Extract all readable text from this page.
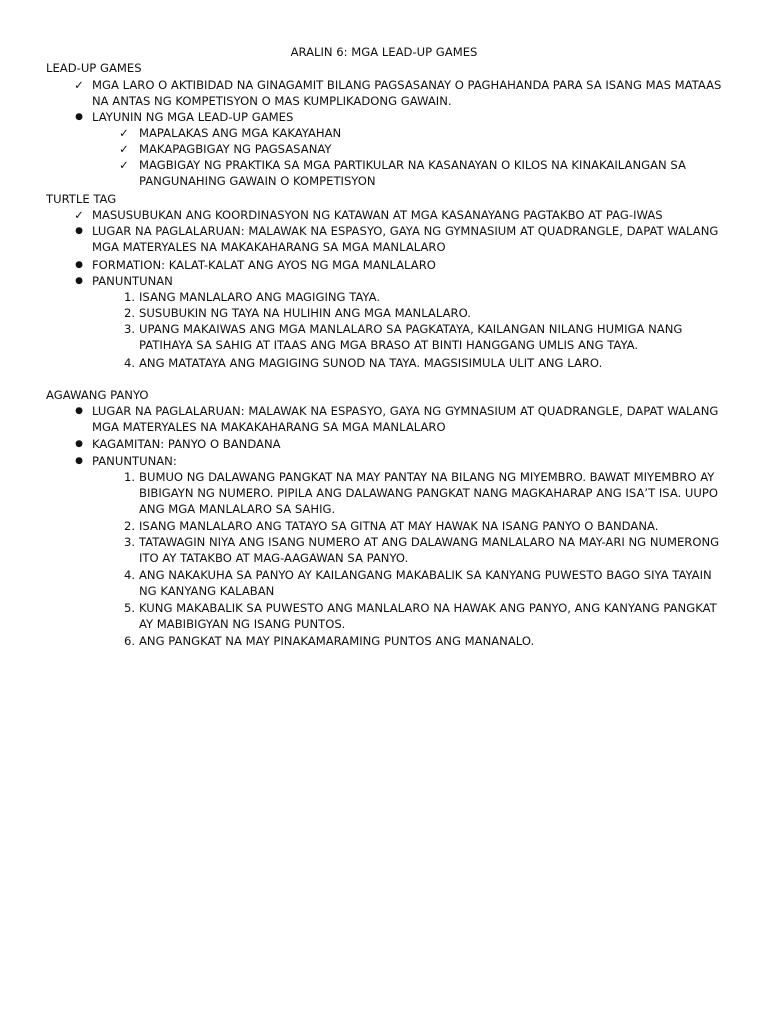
ARALIN 6: MGA LEAD-UP GAMES
LEAD-UP GAMES
✓ MGA LARO O AKTIBIDAD NA GINAGAMIT BILANG PAGSASANAY O PAGHAHANDA PARA SA ISANG MAS MATAAS NA ANTAS NG KOMPETISYON O MAS KUMPLIKADONG GAWAIN.
● LAYUNIN NG MGA LEAD-UP GAMES
✓ MAPALAKAS ANG MGA KAKAYAHAN
✓ MAKAPAGBIGAY NG PAGSASANAY
✓ MAGBIGAY NG PRAKTIKA SA MGA PARTIKULAR NA KASANAYAN O KILOS NA KINAKAILANGAN SA PANGUNAHING GAWAIN O KOMPETISYON
TURTLE TAG
✓ MASUSUBUKAN ANG KOORDINASYON NG KATAWAN AT MGA KASANAYANG PAGTAKBO AT PAG-IWAS
● LUGAR NA PAGLALARUAN: MALAWAK NA ESPASYO, GAYA NG GYMNASIUM AT QUADRANGLE, DAPAT WALANG MGA MATERYALES NA MAKAKAHARANG SA MGA MANLALARO
● FORMATION: KALAT-KALAT ANG AYOS NG MGA MANLALARO
● PANUNTUNAN
1. ISANG MANLALARO ANG MAGIGING TAYA.
2. SUSUBUKIN NG TAYA NA HULIHIN ANG MGA MANLALARO.
3. UPANG MAKAIWAS ANG MGA MANLALARO SA PAGKATAYA, KAILANGAN NILANG HUMIGA NANG PATIHAYA SA SAHIG AT ITAAS ANG MGA BRASO AT BINTI HANGGANG UMLIS ANG TAYA.
4. ANG MATATAYA ANG MAGIGING SUNOD NA TAYA. MAGSISIMULA ULIT ANG LARO.
AGAWANG PANYO
● LUGAR NA PAGLALARUAN: MALAWAK NA ESPASYO, GAYA NG GYMNASIUM AT QUADRANGLE, DAPAT WALANG MGA MATERYALES NA MAKAKAHARANG SA MGA MANLALARO
● KAGAMITAN: PANYO O BANDANA
● PANUNTUNAN:
1. BUMUO NG DALAWANG PANGKAT NA MAY PANTAY NA BILANG NG MIYEMBRO. BAWAT MIYEMBRO AY BIBIGAYN NG NUMERO. PIPILA ANG DALAWANG PANGKAT NANG MAGKAHARAP ANG ISA’T ISA. UUPO ANG MGA MANLALARO SA SAHIG.
2. ISANG MANLALARO ANG TATAYO SA GITNA AT MAY HAWAK NA ISANG PANYO O BANDANA.
3. TATAWAGIN NIYA ANG ISANG NUMERO AT ANG DALAWANG MANLALARO NA MAY-ARI NG NUMERONG ITO AY TATAKBO AT MAG-AAGAWAN SA PANYO.
4. ANG NAKAKUHA SA PANYO AY KAILANGANG MAKABALIK SA KANYANG PUWESTO BAGO SIYA TAYAIN NG KANYANG KALABAN
5. KUNG MAKABALIK SA PUWESTO ANG MANLALARO NA HAWAK ANG PANYO, ANG KANYANG PANGKAT AY MABIBIGYAN NG ISANG PUNTOS.
6. ANG PANGKAT NA MAY PINAKAMARAMING PUNTOS ANG MANANALO.
